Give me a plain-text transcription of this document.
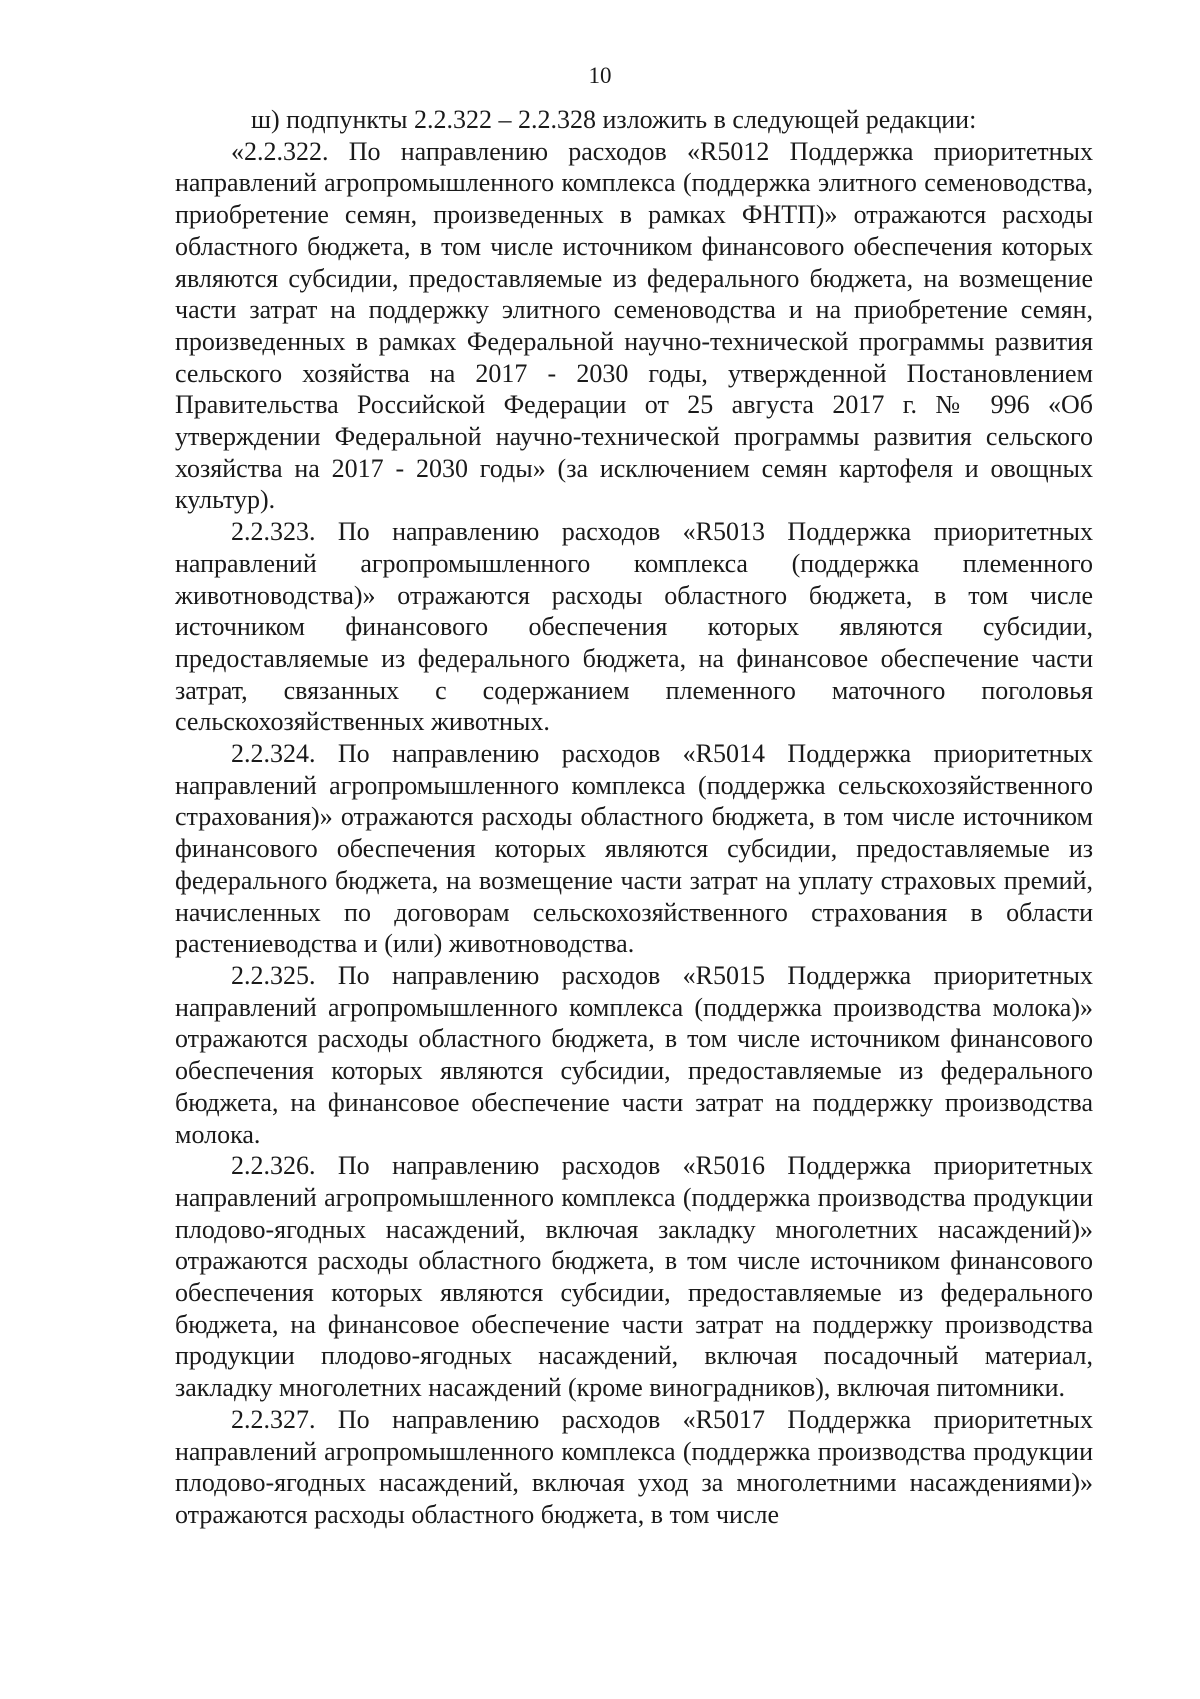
10

ш) подпункты 2.2.322 – 2.2.328 изложить в следующей редакции:

«2.2.322. По направлению расходов «R5012 Поддержка приоритетных направлений агропромышленного комплекса (поддержка элитного семеноводства, приобретение семян, произведенных в рамках ФНТП)» отражаются расходы областного бюджета, в том числе источником финансового обеспечения которых являются субсидии, предоставляемые из федерального бюджета, на возмещение части затрат на поддержку элитного семеноводства и на приобретение семян, произведенных в рамках Федеральной научно-технической программы развития сельского хозяйства на 2017 - 2030 годы, утвержденной Постановлением Правительства Российской Федерации от 25 августа 2017 г. № 996 «Об утверждении Федеральной научно-технической программы развития сельского хозяйства на 2017 - 2030 годы» (за исключением семян картофеля и овощных культур).

2.2.323. По направлению расходов «R5013 Поддержка приоритетных направлений агропромышленного комплекса (поддержка племенного животноводства)» отражаются расходы областного бюджета, в том числе источником финансового обеспечения которых являются субсидии, предоставляемые из федерального бюджета, на финансовое обеспечение части затрат, связанных с содержанием племенного маточного поголовья сельскохозяйственных животных.

2.2.324. По направлению расходов «R5014 Поддержка приоритетных направлений агропромышленного комплекса (поддержка сельскохозяйственного страхования)» отражаются расходы областного бюджета, в том числе источником финансового обеспечения которых являются субсидии, предоставляемые из федерального бюджета, на возмещение части затрат на уплату страховых премий, начисленных по договорам сельскохозяйственного страхования в области растениеводства и (или) животноводства.

2.2.325. По направлению расходов «R5015 Поддержка приоритетных направлений агропромышленного комплекса (поддержка производства молока)» отражаются расходы областного бюджета, в том числе источником финансового обеспечения которых являются субсидии, предоставляемые из федерального бюджета, на финансовое обеспечение части затрат на поддержку производства молока.

2.2.326. По направлению расходов «R5016 Поддержка приоритетных направлений агропромышленного комплекса (поддержка производства продукции плодово-ягодных насаждений, включая закладку многолетних насаждений)» отражаются расходы областного бюджета, в том числе источником финансового обеспечения которых являются субсидии, предоставляемые из федерального бюджета, на финансовое обеспечение части затрат на поддержку производства продукции плодово-ягодных насаждений, включая посадочный материал, закладку многолетних насаждений (кроме виноградников), включая питомники.

2.2.327. По направлению расходов «R5017 Поддержка приоритетных направлений агропромышленного комплекса (поддержка производства продукции плодово-ягодных насаждений, включая уход за многолетними насаждениями)» отражаются расходы областного бюджета, в том числе
